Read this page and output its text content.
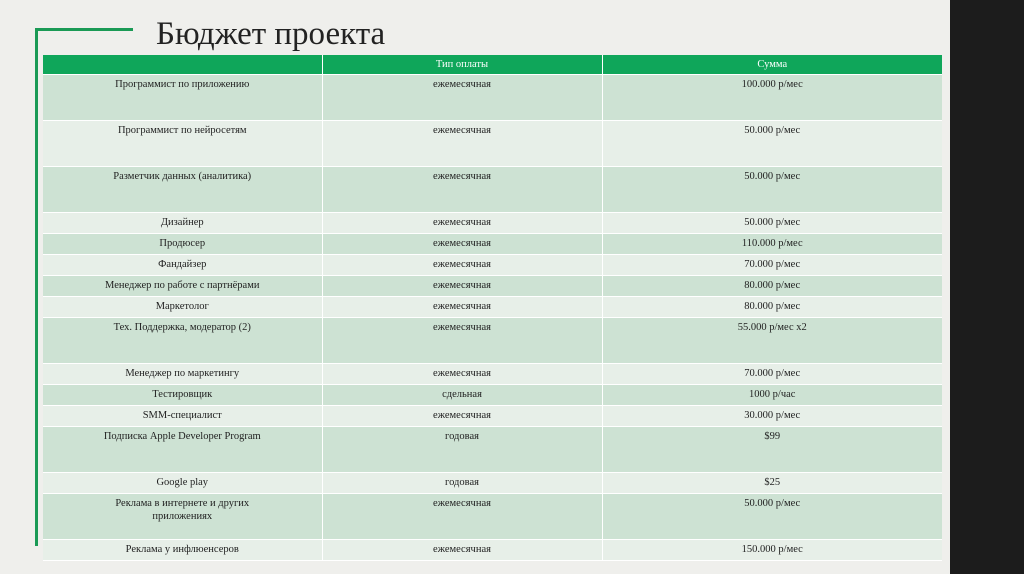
Бюджет проекта
	Тип оплаты	Сумма
Программист по приложению	ежемесячная	100.000 р/мес
Программист по нейросетям	ежемесячная	50.000 р/мес
Разметчик данных (аналитика)	ежемесячная	50.000 р/мес
Дизайнер	ежемесячная	50.000 р/мес
Продюсер	ежемесячная	110.000 р/мес
Фандайзер	ежемесячная	70.000 р/мес
Менеджер по работе с партнёрами	ежемесячная	80.000 р/мес
Маркетолог	ежемесячная	80.000 р/мес
Тех. Поддержка, модератор (2)	ежемесячная	55.000 р/мес х2
Менеджер по маркетингу	ежемесячная	70.000 р/мес
Тестировщик	сдельная	1000 р/час
SMM-специалист	ежемесячная	30.000 р/мес
Подписка Apple Developer Program	годовая	$99
Google play	годовая	$25
Реклама в интернете и других приложениях	ежемесячная	50.000 р/мес
Реклама у инфлюенсеров	ежемесячная	150.000 р/мес
